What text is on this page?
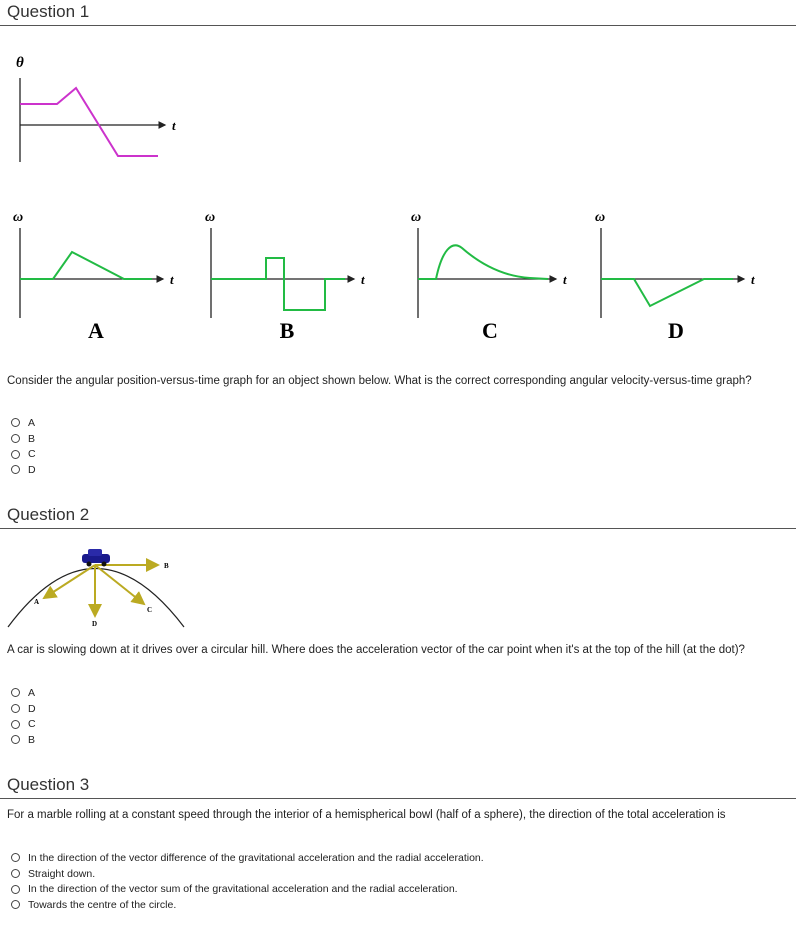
Question 1
θ
t
ω
t
A
ω
t
B
ω
t
C
ω
t
D
Consider the angular position-versus-time graph for an object shown below. What is the correct corresponding angular velocity-versus-time graph?
A
B
C
D
Question 2
A
B
C
D
A car is slowing down at it drives over a circular hill. Where does the acceleration vector of the car point when it's at the top of the hill (at the dot)?
A
D
C
B
Question 3
For a marble rolling at a constant speed through the interior of a hemispherical bowl (half of a sphere), the direction of the total acceleration is
In the direction of the vector difference of the gravitational acceleration and the radial acceleration.
Straight down.
In the direction of the vector sum of the gravitational acceleration and the radial acceleration.
Towards the centre of the circle.
